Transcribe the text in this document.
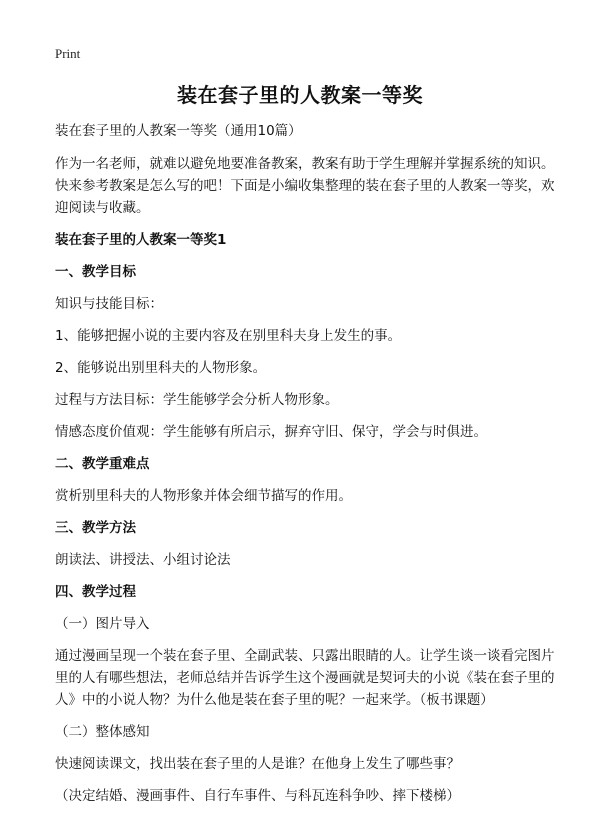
Print
装在套子里的人教案一等奖

装在套子里的人教案一等奖（通用10篇）

作为一名老师，就难以避免地要准备教案，教案有助于学生理解并掌握系统的知识。快来参考教案是怎么写的吧！下面是小编收集整理的装在套子里的人教案一等奖，欢迎阅读与收藏。

装在套子里的人教案一等奖1
一、教学目标

知识与技能目标：

1、能够把握小说的主要内容及在别里科夫身上发生的事。

2、能够说出别里科夫的人物形象。

过程与方法目标：学生能够学会分析人物形象。

情感态度价值观：学生能够有所启示，摒弃守旧、保守，学会与时俱进。

二、教学重难点

赏析别里科夫的人物形象并体会细节描写的作用。

三、教学方法

朗读法、讲授法、小组讨论法

四、教学过程

（一）图片导入

通过漫画呈现一个装在套子里、全副武装、只露出眼睛的人。让学生谈一谈看完图片里的人有哪些想法，老师总结并告诉学生这个漫画就是契诃夫的小说《装在套子里的人》中的小说人物？为什么他是装在套子里的呢？一起来学。（板书课题）

（二）整体感知

快速阅读课文，找出装在套子里的人是谁？在他身上发生了哪些事？

（决定结婚、漫画事件、自行车事件、与科瓦连科争吵、摔下楼梯）
